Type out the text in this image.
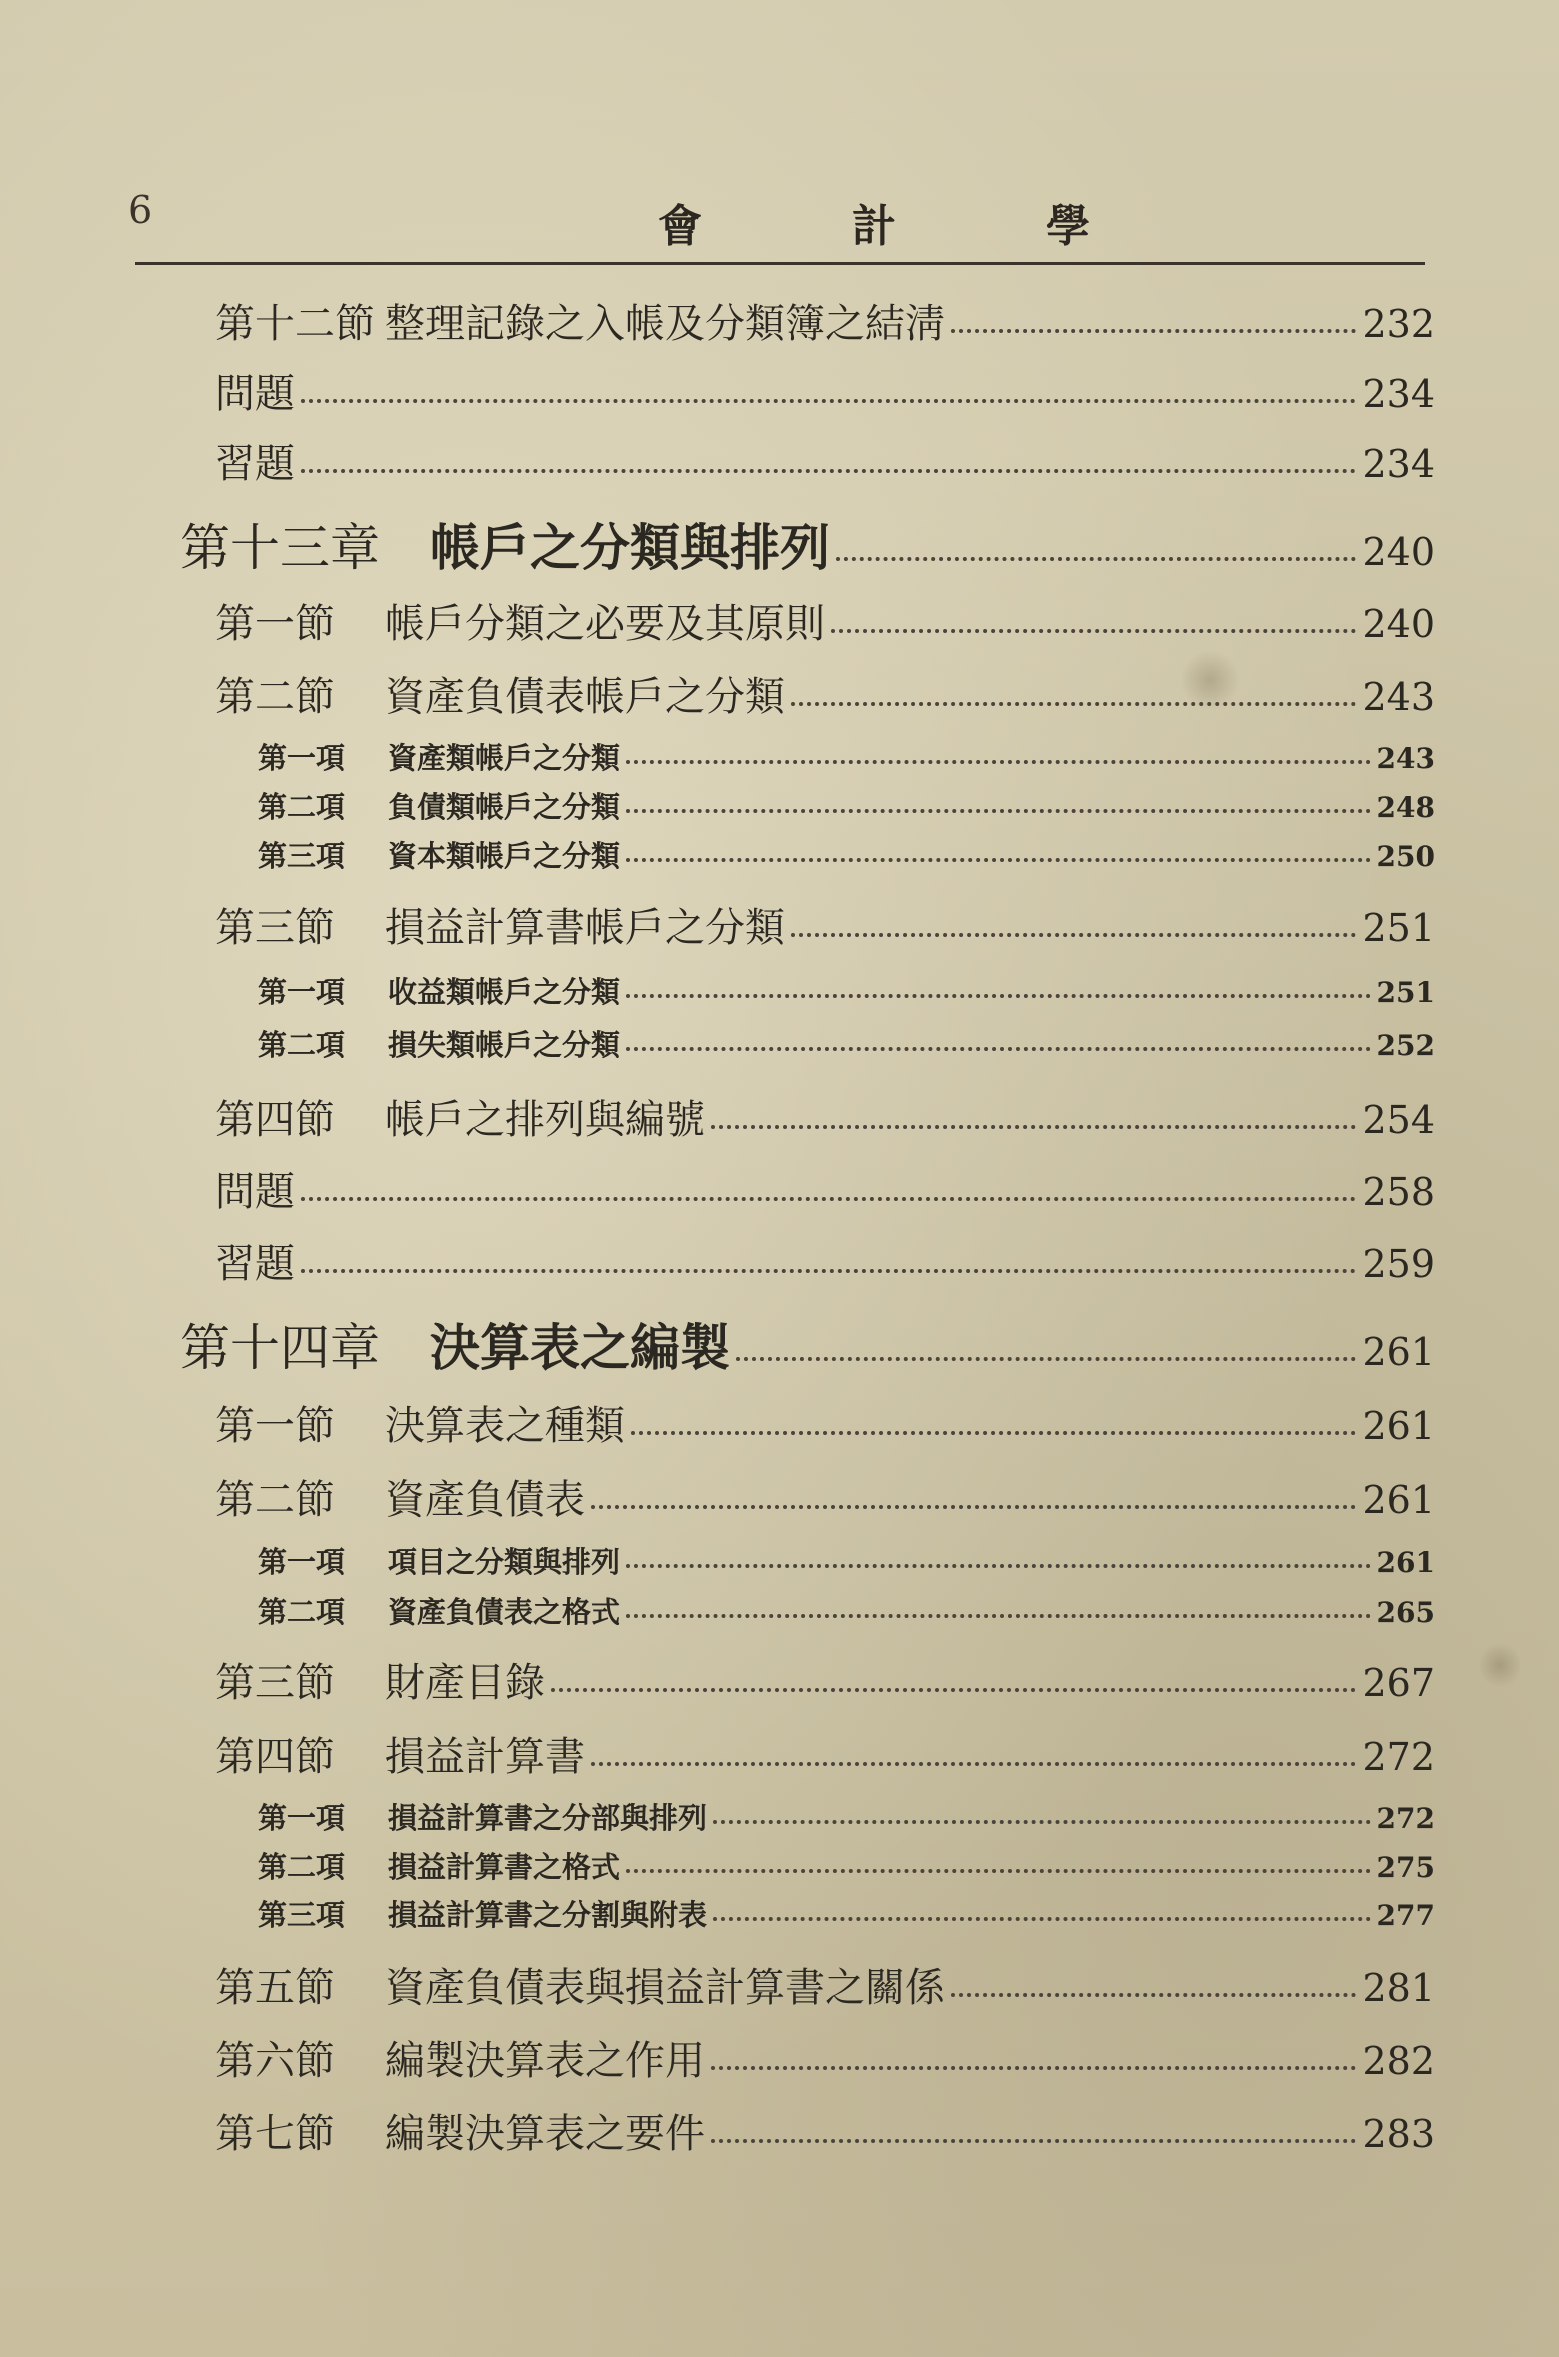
6	會計學
第十二節 整理記錄之入帳及分類簿之結淸	232
問題	234
習題	234
第十三章	帳戶之分類與排列	240
第一節	帳戶分類之必要及其原則	240
第二節	資產負債表帳戶之分類	243
第一項	資產類帳戶之分類	243
第二項	負債類帳戶之分類	248
第三項	資本類帳戶之分類	250
第三節	損益計算書帳戶之分類	251
第一項	收益類帳戶之分類	251
第二項	損失類帳戶之分類	252
第四節	帳戶之排列與編號	254
問題	258
習題	259
第十四章	決算表之編製	261
第一節	決算表之種類	261
第二節	資產負債表	261
第一項	項目之分類與排列	261
第二項	資產負債表之格式	265
第三節	財產目錄	267
第四節	損益計算書	272
第一項	損益計算書之分部與排列	272
第二項	損益計算書之格式	275
第三項	損益計算書之分割與附表	277
第五節	資產負債表與損益計算書之關係	281
第六節	編製決算表之作用	282
第七節	編製決算表之要件	283
